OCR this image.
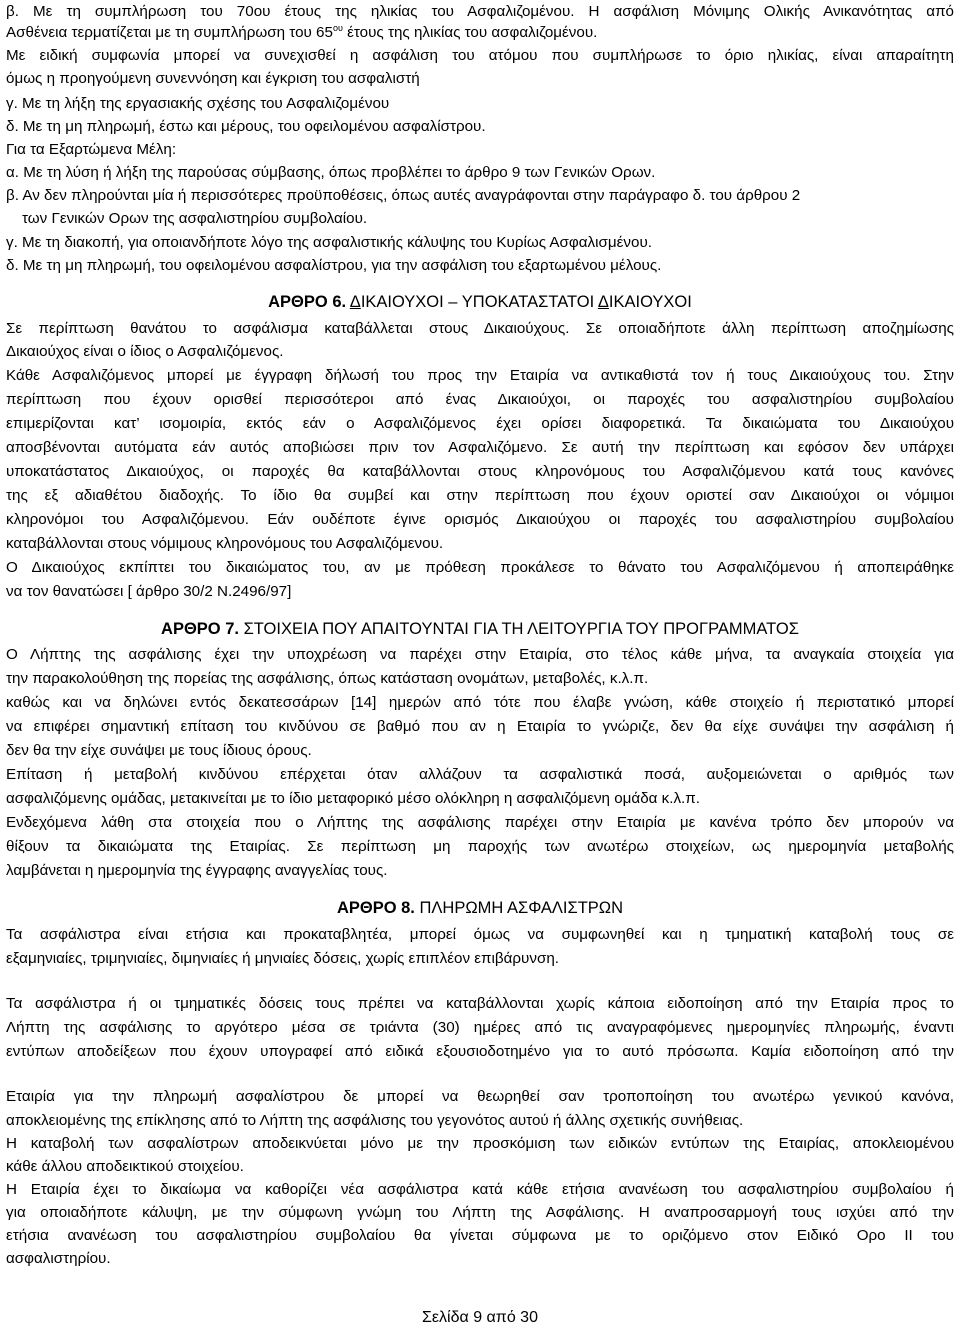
β. Με τη συμπλήρωση του 70ου έτους της ηλικίας του Ασφαλιζομένου. Η ασφάλιση Μόνιμης Ολικής Ανικανότητας από
Ασθένεια τερματίζεται με τη συμπλήρωση του $65^{o\upsilon}$ έτους της ηλικίας του ασφαλιζομένου.
Με ειδική συμφωνία μπορεί να συνεχισθεί η ασφάλιση του ατόμου που συμπλήρωσε το όριο ηλικίας, είναι απαραίτητη
όμως η προηγούμενη συνεννόηση και έγκριση του ασφαλιστή
γ. Με τη λήξη της εργασιακής σχέσης του Ασφαλιζομένου
δ. Με τη μη πληρωμή, έστω και μέρους, του οφειλομένου ασφαλίστρου.
Για τα Εξαρτώμενα Μέλη:
α. Με τη λύση ή λήξη της παρούσας σύμβασης, όπως προβλέπει το άρθρο 9 των Γενικών Ορων.
β. Αν δεν πληρούνται μία ή περισσότερες προϋποθέσεις, όπως αυτές αναγράφονται στην παράγραφο δ. του άρθρου 2
των Γενικών Ορων της ασφαλιστηρίου συμβολαίου.
γ. Με τη διακοπή, για οποιανδήποτε λόγο της ασφαλιστικής κάλυψης του Κυρίως Ασφαλισμένου.
δ. Με τη μη πληρωμή, του οφειλομένου ασφαλίστρου, για την ασφάλιση του εξαρτωμένου μέλους.
ΑΡΘΡΟ 6. ΔΙΚΑΙΟΥΧΟΙ – ΥΠΟΚΑΤΑΣΤΑΤΟΙ ΔΙΚΑΙΟΥΧΟΙ
Σε περίπτωση θανάτου το ασφάλισμα καταβάλλεται στους Δικαιούχους. Σε οποιαδήποτε άλλη περίπτωση αποζημίωσης
Δικαιούχος είναι ο ίδιος ο Ασφαλιζόμενος.
Κάθε Ασφαλιζόμενος μπορεί με έγγραφη δήλωσή του προς την Εταιρία να αντικαθιστά τον ή τους Δικαιούχους του. Στην
περίπτωση που έχουν ορισθεί περισσότεροι από ένας Δικαιούχοι, οι παροχές του ασφαλιστηρίου συμβολαίου
επιμερίζονται κατ’ ισομοιρία, εκτός εάν ο Ασφαλιζόμενος έχει ορίσει διαφορετικά. Τα δικαιώματα του Δικαιούχου
αποσβένονται αυτόματα εάν αυτός αποβιώσει πριν τον Ασφαλιζόμενο. Σε αυτή την περίπτωση και εφόσον δεν υπάρχει
υποκατάστατος Δικαιούχος, οι παροχές θα καταβάλλονται στους κληρονόμους του Ασφαλιζόμενου κατά τους κανόνες
της εξ αδιαθέτου διαδοχής. Το ίδιο θα συμβεί και στην περίπτωση που έχουν οριστεί σαν Δικαιούχοι οι νόμιμοι
κληρονόμοι του Ασφαλιζόμενου. Εάν ουδέποτε έγινε ορισμός Δικαιούχου οι παροχές του ασφαλιστηρίου συμβολαίου
καταβάλλονται στους νόμιμους κληρονόμους του Ασφαλιζόμενου.
Ο Δικαιούχος εκπίπτει του δικαιώματος του, αν με πρόθεση προκάλεσε το θάνατο του Ασφαλιζόμενου ή αποπειράθηκε
να τον θανατώσει [ άρθρο 30/2 Ν.2496/97]
ΑΡΘΡΟ 7. ΣΤΟΙΧΕΙΑ ΠΟΥ ΑΠΑΙΤΟΥΝΤΑΙ ΓΙΑ ΤΗ ΛΕΙΤΟΥΡΓΙΑ ΤΟΥ ΠΡΟΓΡΑΜΜΑΤΟΣ
Ο Λήπτης της ασφάλισης έχει την υποχρέωση να παρέχει στην Εταιρία, στο τέλος κάθε μήνα, τα αναγκαία στοιχεία για
την παρακολούθηση της πορείας της ασφάλισης, όπως κατάσταση ονομάτων, μεταβολές, κ.λ.π.
καθώς και να δηλώνει εντός δεκατεσσάρων [14] ημερών από τότε που έλαβε γνώση, κάθε στοιχείο ή περιστατικό μπορεί
να επιφέρει σημαντική επίταση του κινδύνου σε βαθμό που αν η Εταιρία το γνώριζε, δεν θα είχε συνάψει την ασφάλιση ή
δεν θα την είχε συνάψει με τους ίδιους όρους.
Επίταση ή μεταβολή κινδύνου επέρχεται όταν αλλάζουν τα ασφαλιστικά ποσά, αυξομειώνεται ο αριθμός των
ασφαλιζόμενης ομάδας, μετακινείται με το ίδιο μεταφορικό μέσο ολόκληρη η ασφαλιζόμενη ομάδα κ.λ.π.
Ενδεχόμενα λάθη στα στοιχεία που ο Λήπτης της ασφάλισης παρέχει στην Εταιρία με κανένα τρόπο δεν μπορούν να
θίξουν τα δικαιώματα της Εταιρίας. Σε περίπτωση μη παροχής των ανωτέρω στοιχείων, ως ημερομηνία μεταβολής
λαμβάνεται η ημερομηνία της έγγραφης αναγγελίας τους.
ΑΡΘΡΟ 8. ΠΛΗΡΩΜΗ ΑΣΦΑΛΙΣΤΡΩΝ
Τα ασφάλιστρα είναι ετήσια και προκαταβλητέα, μπορεί όμως να συμφωνηθεί και η τμηματική καταβολή τους σε
εξαμηνιαίες, τριμηνιαίες, διμηνιαίες ή μηνιαίες δόσεις, χωρίς επιπλέον επιβάρυνση.
Τα ασφάλιστρα ή οι τμηματικές δόσεις τους πρέπει να καταβάλλονται χωρίς κάποια ειδοποίηση από την Εταιρία προς το
Λήπτη της ασφάλισης το αργότερο μέσα σε τριάντα (30) ημέρες από τις αναγραφόμενες ημερομηνίες πληρωμής, έναντι
εντύπων αποδείξεων που έχουν υπογραφεί από ειδικά εξουσιοδοτημένο για το αυτό πρόσωπα. Καμία ειδοποίηση από την
Εταιρία για την πληρωμή ασφαλίστρου δε μπορεί να θεωρηθεί σαν τροποποίηση του ανωτέρω γενικού κανόνα,
αποκλειομένης της επίκλησης από το Λήπτη της ασφάλισης του γεγονότος αυτού ή άλλης σχετικής συνήθειας.
Η καταβολή των ασφαλίστρων αποδεικνύεται μόνο με την προσκόμιση των ειδικών εντύπων της Εταιρίας, αποκλειομένου
κάθε άλλου αποδεικτικού στοιχείου.
Η Εταιρία έχει το δικαίωμα να καθορίζει νέα ασφάλιστρα κατά κάθε ετήσια ανανέωση του ασφαλιστηρίου συμβολαίου ή
για οποιαδήποτε κάλυψη, με την σύμφωνη γνώμη του Λήπτη της Ασφάλισης. Η αναπροσαρμογή τους ισχύει από την
ετήσια ανανέωση του ασφαλιστηρίου συμβολαίου θα γίνεται σύμφωνα με το οριζόμενο στον Ειδικό Ορο ΙΙ του
ασφαλιστηρίου.
Σελίδα 9 από 30
